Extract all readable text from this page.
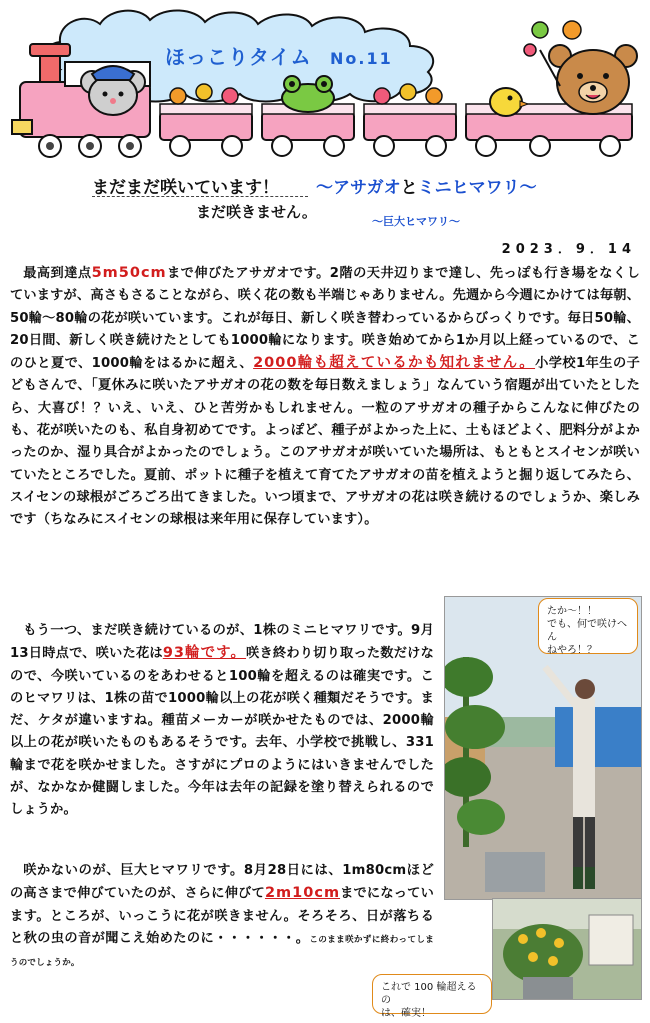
ほっこりタイム No.11
まだまだ咲いています！ ～アサガオとミニヒマワリ～
まだ咲きません。
～巨大ヒマワリ～
2023．9．14
最高到達点5m50cmまで伸びたアサガオです。2階の天井辺りまで達し、先っぽも行き場をなくしていますが、高さもさることながら、咲く花の数も半端じゃありません。先週から今週にかけては毎朝、50輪～80輪の花が咲いています。これが毎日、新しく咲き替わっているからびっくりです。毎日50輪、20日間、新しく咲き続けたとしても1000輪になります。咲き始めてから1か月以上経っているので、このひと夏で、1000輪をはるかに超え、2000輪も超えているかも知れません。小学校1年生の子どもさんで、「夏休みに咲いたアサガオの花の数を毎日数えましょう」なんていう宿題が出ていたとしたら、大喜び！？いえ、いえ、ひと苦労かもしれません。一粒のアサガオの種子からこんなに伸びたのも、花が咲いたのも、私自身初めてです。よっぽど、種子がよかった上に、土もほどよく、肥料分がよかったのか、湿り具合がよかったのでしょう。このアサガオが咲いていた場所は、もともとスイセンが咲いていたところでした。夏前、ポットに種子を植えて育てたアサガオの苗を植えようと掘り返してみたら、スイセンの球根がごろごろ出てきました。いつ頃まで、アサガオの花は咲き続けるのでしょうか、楽しみです（ちなみにスイセンの球根は来年用に保存しています）。
もう一つ、まだ咲き続けているのが、1株のミニヒマワリです。9月13日時点で、咲いた花は93輪です。咲き終わり切り取った数だけなので、今咲いているのをあわせると100輪を超えるのは確実です。このヒマワリは、1株の苗で1000輪以上の花が咲く種類だそうです。まだ、ケタが違いますね。種苗メーカーが咲かせたものでは、2000輪以上の花が咲いたものもあるそうです。去年、小学校で挑戦し、331輪まで花を咲かせました。さすがにプロのようにはいきませんでしたが、なかなか健闘しました。今年は去年の記録を塗り替えられるのでしょうか。
咲かないのが、巨大ヒマワリです。8月28日には、1m80cmほどの高さまで伸びていたのが、さらに伸びて2m10cmまでになっています。ところが、いっこうに花が咲きません。そろそろ、日が落ちると秋の虫の音が聞こえ始めたのに・・・・・・。このまま咲かずに終わってしまうのでしょうか。
たか～！！
でも、何で咲けへん
ねやろ！？
これで 100 輪超えるの
は、確実！
